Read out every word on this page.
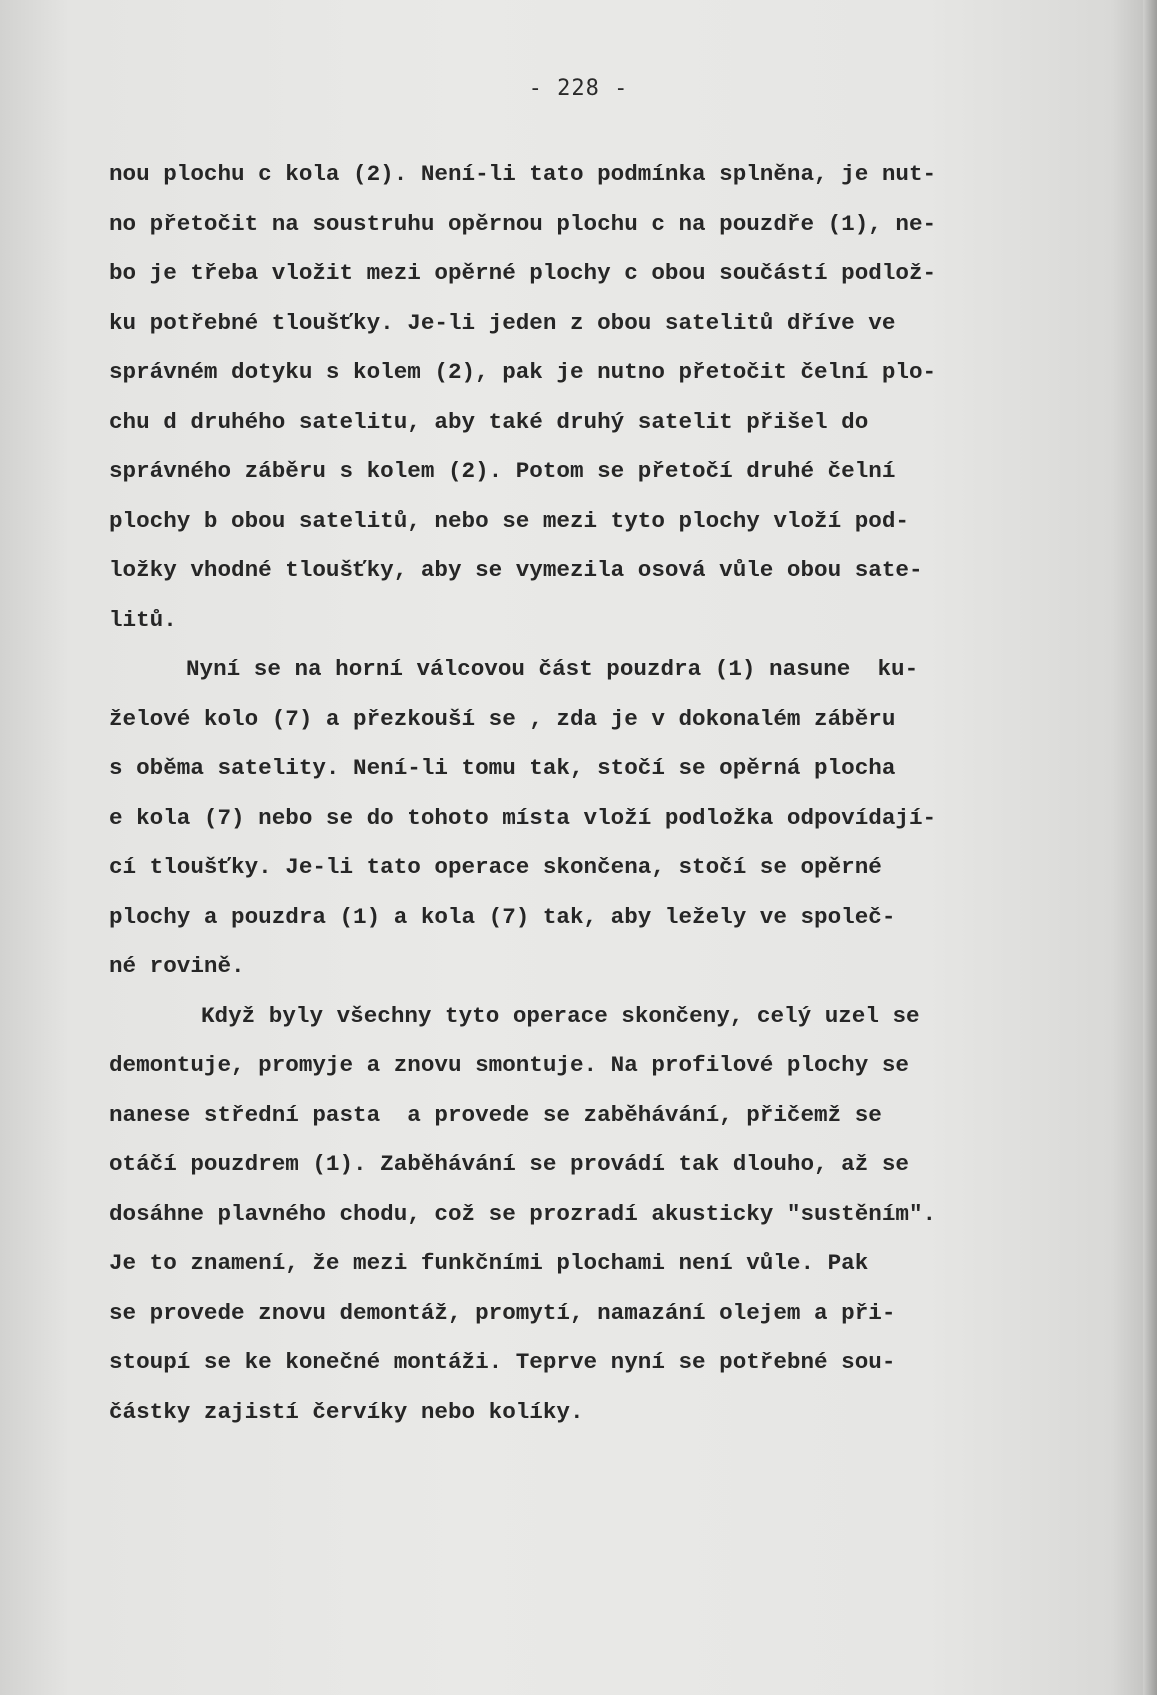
- 228 -
nou plochu c kola (2). Není-li tato podmínka splněna, je nut-
no přetočit na soustruhu opěrnou plochu c na pouzdře (1), ne-
bo je třeba vložit mezi opěrné plochy c obou součástí podlož-
ku potřebné tloušťky. Je-li jeden z obou satelitů dříve ve
správném dotyku s kolem (2), pak je nutno přetočit čelní plo-
chu d druhého satelitu, aby také druhý satelit přišel do
správného záběru s kolem (2). Potom se přetočí druhé čelní
plochy b obou satelitů, nebo se mezi tyto plochy vloží pod-
ložky vhodné tloušťky, aby se vymezila osová vůle obou sate-
litů.
Nyní se na horní válcovou část pouzdra (1) nasune  ku-
želové kolo (7) a přezkouší se , zda je v dokonalém záběru
s oběma satelity. Není-li tomu tak, stočí se opěrná plocha
e kola (7) nebo se do tohoto místa vloží podložka odpovídají-
cí tloušťky. Je-li tato operace skončena, stočí se opěrné
plochy a pouzdra (1) a kola (7) tak, aby ležely ve společ-
né rovině.
Když byly všechny tyto operace skončeny, celý uzel se
demontuje, promyje a znovu smontuje. Na profilové plochy se
nanese střední pasta  a provede se zaběhávání, přičemž se
otáčí pouzdrem (1). Zaběhávání se provádí tak dlouho, až se
dosáhne plavného chodu, což se prozradí akusticky "sustěním".
Je to znamení, že mezi funkčními plochami není vůle. Pak
se provede znovu demontáž, promytí, namazání olejem a při-
stoupí se ke konečné montáži. Teprve nyní se potřebné sou-
částky zajistí červíky nebo kolíky.
